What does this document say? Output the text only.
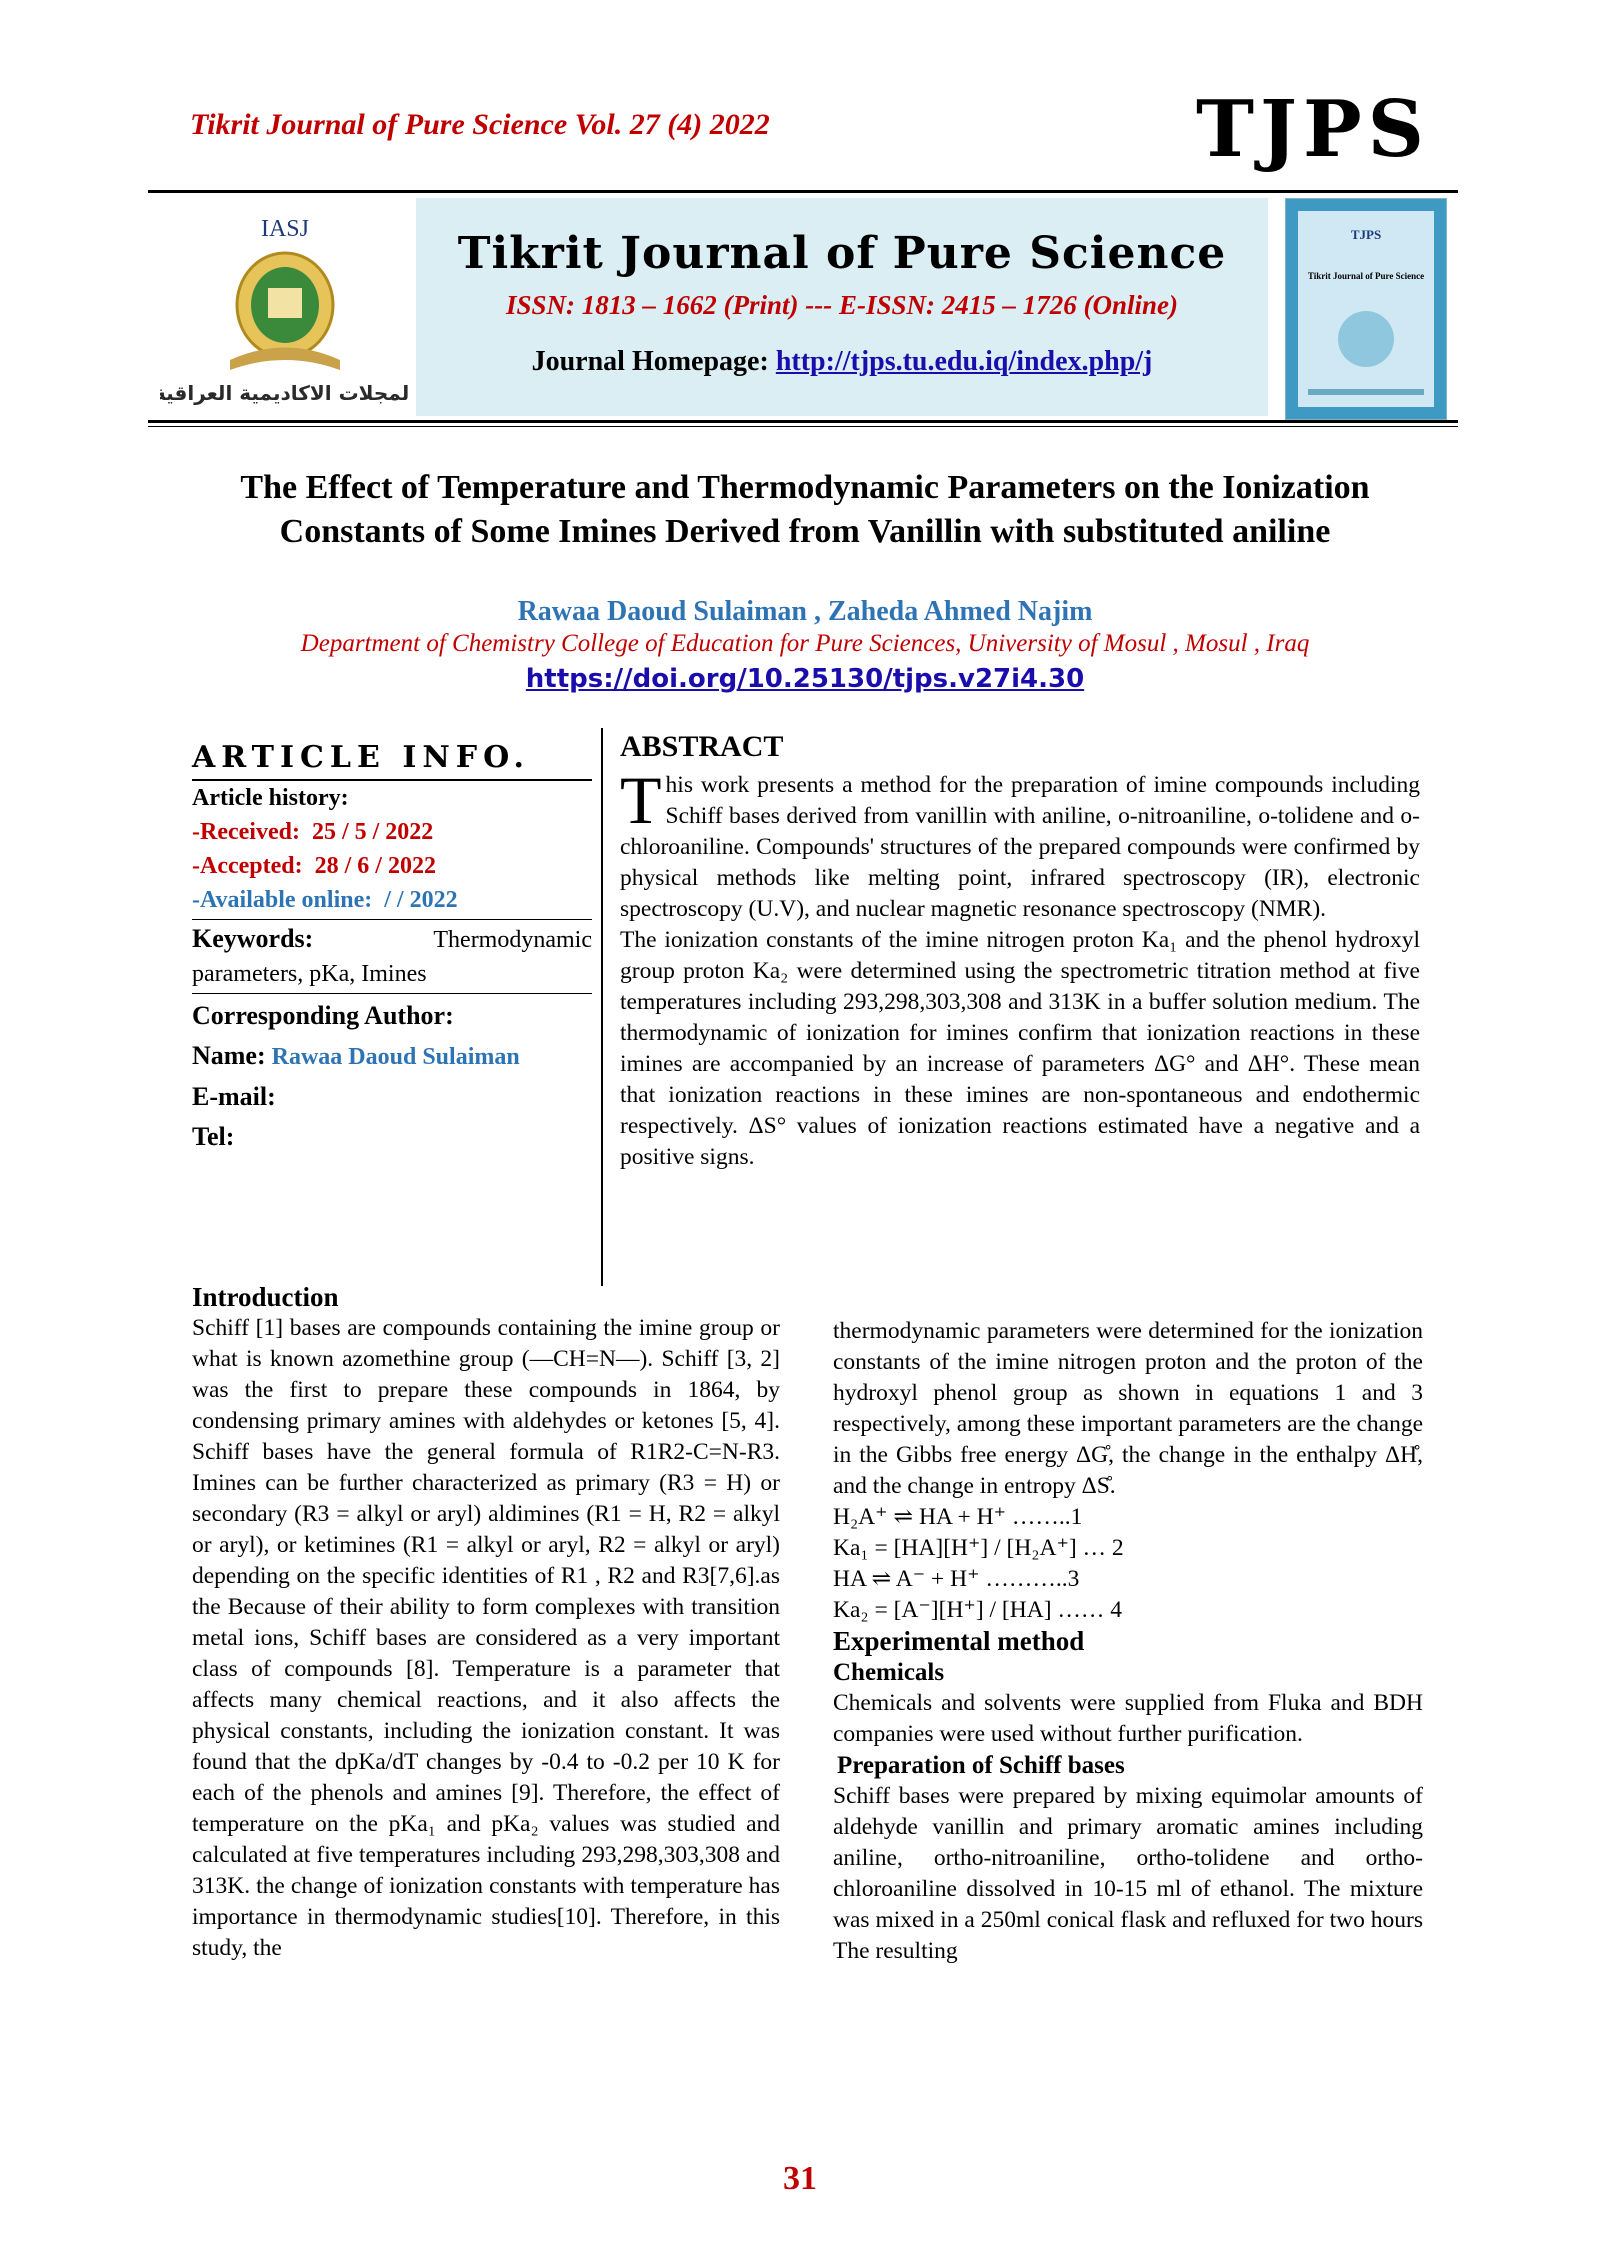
Tikrit Journal of Pure Science Vol. 27 (4) 2022	TJPS
IASJ
المجلات الاكاديمية العراقية
Tikrit Journal of Pure Science
ISSN: 1813 – 1662 (Print) --- E-ISSN: 2415 – 1726 (Online)
Journal Homepage: http://tjps.tu.edu.iq/index.php/j
TJPS
Tikrit Journal of Pure Science
The Effect of Temperature and Thermodynamic Parameters on the Ionization Constants of Some Imines Derived from Vanillin with substituted aniline
Rawaa Daoud Sulaiman , Zaheda Ahmed Najim
Department of Chemistry College of Education for Pure Sciences, University of Mosul , Mosul , Iraq
https://doi.org/10.25130/tjps.v27i4.30
ARTICLE INFO.

Article history:

-Received: 25 / 5 / 2022

-Accepted: 28 / 6 / 2022

-Available online: / / 2022

Keywords:	Thermodynamic parameters, pKa, Imines

Corresponding Author:

Name: Rawaa Daoud Sulaiman

E-mail:

Tel:

ABSTRACT

This work presents a method for the preparation of imine compounds including Schiff bases derived from vanillin with aniline, o-nitroaniline, o-tolidene and o-chloroaniline. Compounds' structures of the prepared compounds were confirmed by physical methods like melting point, infrared spectroscopy (IR), electronic spectroscopy (U.V), and nuclear magnetic resonance spectroscopy (NMR).

The ionization constants of the imine nitrogen proton Ka₁ and the phenol hydroxyl group proton Ka₂ were determined using the spectrometric titration method at five temperatures including 293,298,303,308 and 313K in a buffer solution medium. The thermodynamic of ionization for imines confirm that ionization reactions in these imines are accompanied by an increase of parameters ΔG° and ΔH°. These mean that ionization reactions in these imines are non-spontaneous and endothermic respectively. ΔS° values of ionization reactions estimated have a negative and a positive signs.

Introduction

Schiff [1] bases are compounds containing the imine group or what is known azomethine group (—CH=N—). Schiff [3, 2] was the first to prepare these compounds in 1864, by condensing primary amines with aldehydes or ketones [5, 4]. Schiff bases have the general formula of R1R2-C=N-R3. Imines can be further characterized as primary (R3 = H) or secondary (R3 = alkyl or aryl) aldimines (R1 = H, R2 = alkyl or aryl), or ketimines (R1 = alkyl or aryl, R2 = alkyl or aryl) depending on the specific identities of R1 , R2 and R3[7,6].as the Because of their ability to form complexes with transition metal ions, Schiff bases are considered as a very important class of compounds [8]. Temperature is a parameter that affects many chemical reactions, and it also affects the physical constants, including the ionization constant. It was found that the dpKa/dT changes by -0.4 to -0.2 per 10 K for each of the phenols and amines [9]. Therefore, the effect of temperature on the pKa₁ and pKa₂ values was studied and calculated at five temperatures including 293,298,303,308 and 313K. the change of ionization constants with temperature has importance in thermodynamic studies[10]. Therefore, in this study, the

thermodynamic parameters were determined for the ionization constants of the imine nitrogen proton and the proton of the hydroxyl phenol group as shown in equations 1 and 3 respectively, among these important parameters are the change in the Gibbs free energy ΔG̊, the change in the enthalpy ΔH̊, and the change in entropy ΔS̊.

H₂A⁺ ⇌ HA + H⁺ ……..1
Ka₁ = [HA][H⁺] / [H₂A⁺] … 2
HA ⇌ A⁻ + H⁺ ………..3
Ka₂ = [A⁻][H⁺] / [HA] …… 4
Experimental method
Chemicals

Chemicals and solvents were supplied from Fluka and BDH companies were used without further purification.

Preparation of Schiff bases

Schiff bases were prepared by mixing equimolar amounts of aldehyde vanillin and primary aromatic amines including aniline, ortho-nitroaniline, ortho-tolidene and ortho-chloroaniline dissolved in 10-15 ml of ethanol. The mixture was mixed in a 250ml conical flask and refluxed for two hours The resulting

31
